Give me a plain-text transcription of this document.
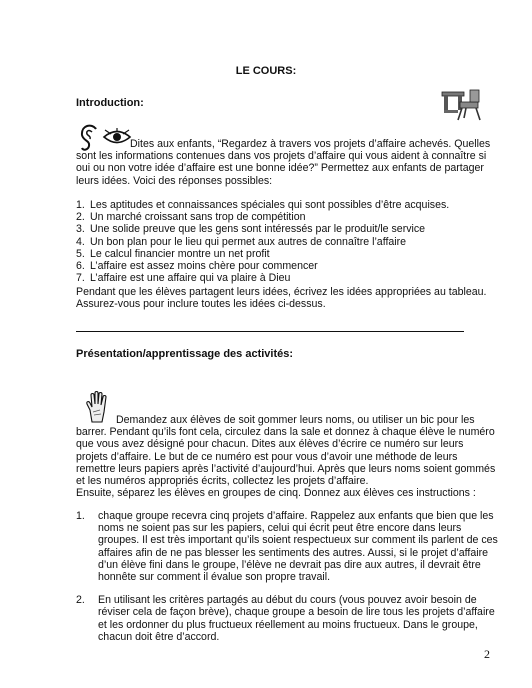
LE COURS:
Introduction:
Dites aux enfants, “Regardez à travers vos projets d’affaire achevés. Quelles sont les informations contenues dans vos projets d’affaire qui vous aident à connaître si oui ou non votre idée d’affaire est une bonne idée?” Permettez aux enfants de partager leurs idées. Voici des réponses possibles:
1. Les aptitudes et connaissances spéciales qui sont possibles d’être acquises.
2. Un marché croissant sans trop de compétition
3. Une solide preuve que les gens sont intéressés par le produit/le service
4. Un bon plan pour le lieu qui permet aux autres de connaître l’affaire
5. Le calcul financier montre un net profit
6. L’affaire est assez moins chère pour commencer
7. L’affaire est une affaire qui va plaire à Dieu
Pendant que les élèves partagent leurs idées, écrivez les idées appropriées au tableau. Assurez-vous pour inclure toutes les idées ci-dessus.
Présentation/apprentissage des activités:
Demandez aux élèves de soit gommer leurs noms, ou utiliser un bic pour les barrer. Pendant qu’ils font cela, circulez dans la sale et donnez à chaque élève le numéro que vous avez désigné pour chacun. Dites aux élèves d’écrire ce numéro sur leurs projets d’affaire. Le but de ce numéro est pour vous d’avoir une méthode de leurs remettre leurs papiers après l’activité d’aujourd’hui. Après que leurs noms soient gommés et les numéros appropriés écrits, collectez les projets d’affaire.
Ensuite, séparez les élèves en groupes de cinq. Donnez aux élèves ces instructions :
1.	chaque groupe recevra cinq projets d’affaire. Rappelez aux enfants que bien que les noms ne soient pas sur les papiers, celui qui écrit peut être encore dans leurs groupes. Il est très important qu’ils soient respectueux sur comment ils parlent de ces affaires afin de ne pas blesser les sentiments des autres. Aussi, si le projet d’affaire d’un élève fini dans le groupe, l’élève ne devrait pas dire aux autres, il devrait être honnête sur comment il évalue son propre travail.
2.	En utilisant les critères partagés au début du cours (vous pouvez avoir besoin de réviser cela de façon brève), chaque groupe a besoin de lire tous les projets d’affaire et les ordonner du plus fructueux réellement au moins fructueux. Dans le groupe, chacun doit être d’accord.
2
